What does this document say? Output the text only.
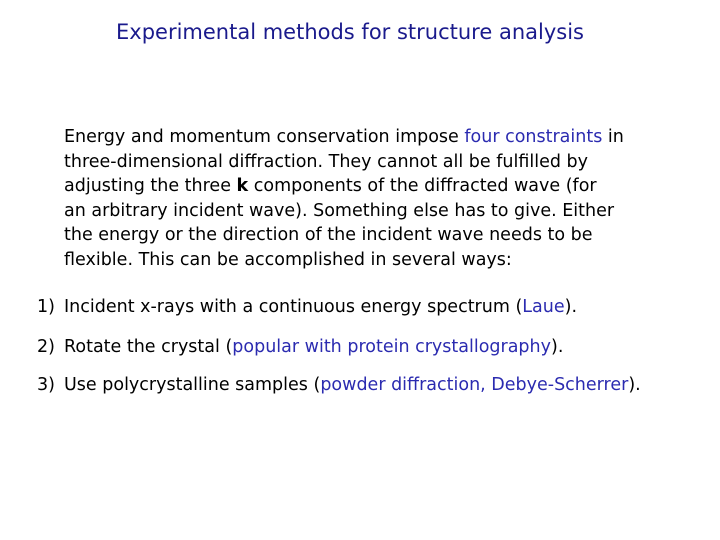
Experimental methods for structure analysis

Energy and momentum conservation impose four constraints in
three-dimensional diffraction. They cannot all be fulfilled by
adjusting the three k components of the diffracted wave (for
an arbitrary incident wave). Something else has to give. Either
the energy or the direction of the incident wave needs to be
flexible. This can be accomplished in several ways:

1) Incident x-rays with a continuous energy spectrum (Laue).
2) Rotate the crystal (popular with protein crystallography).
3) Use polycrystalline samples (powder diffraction, Debye-Scherrer).
